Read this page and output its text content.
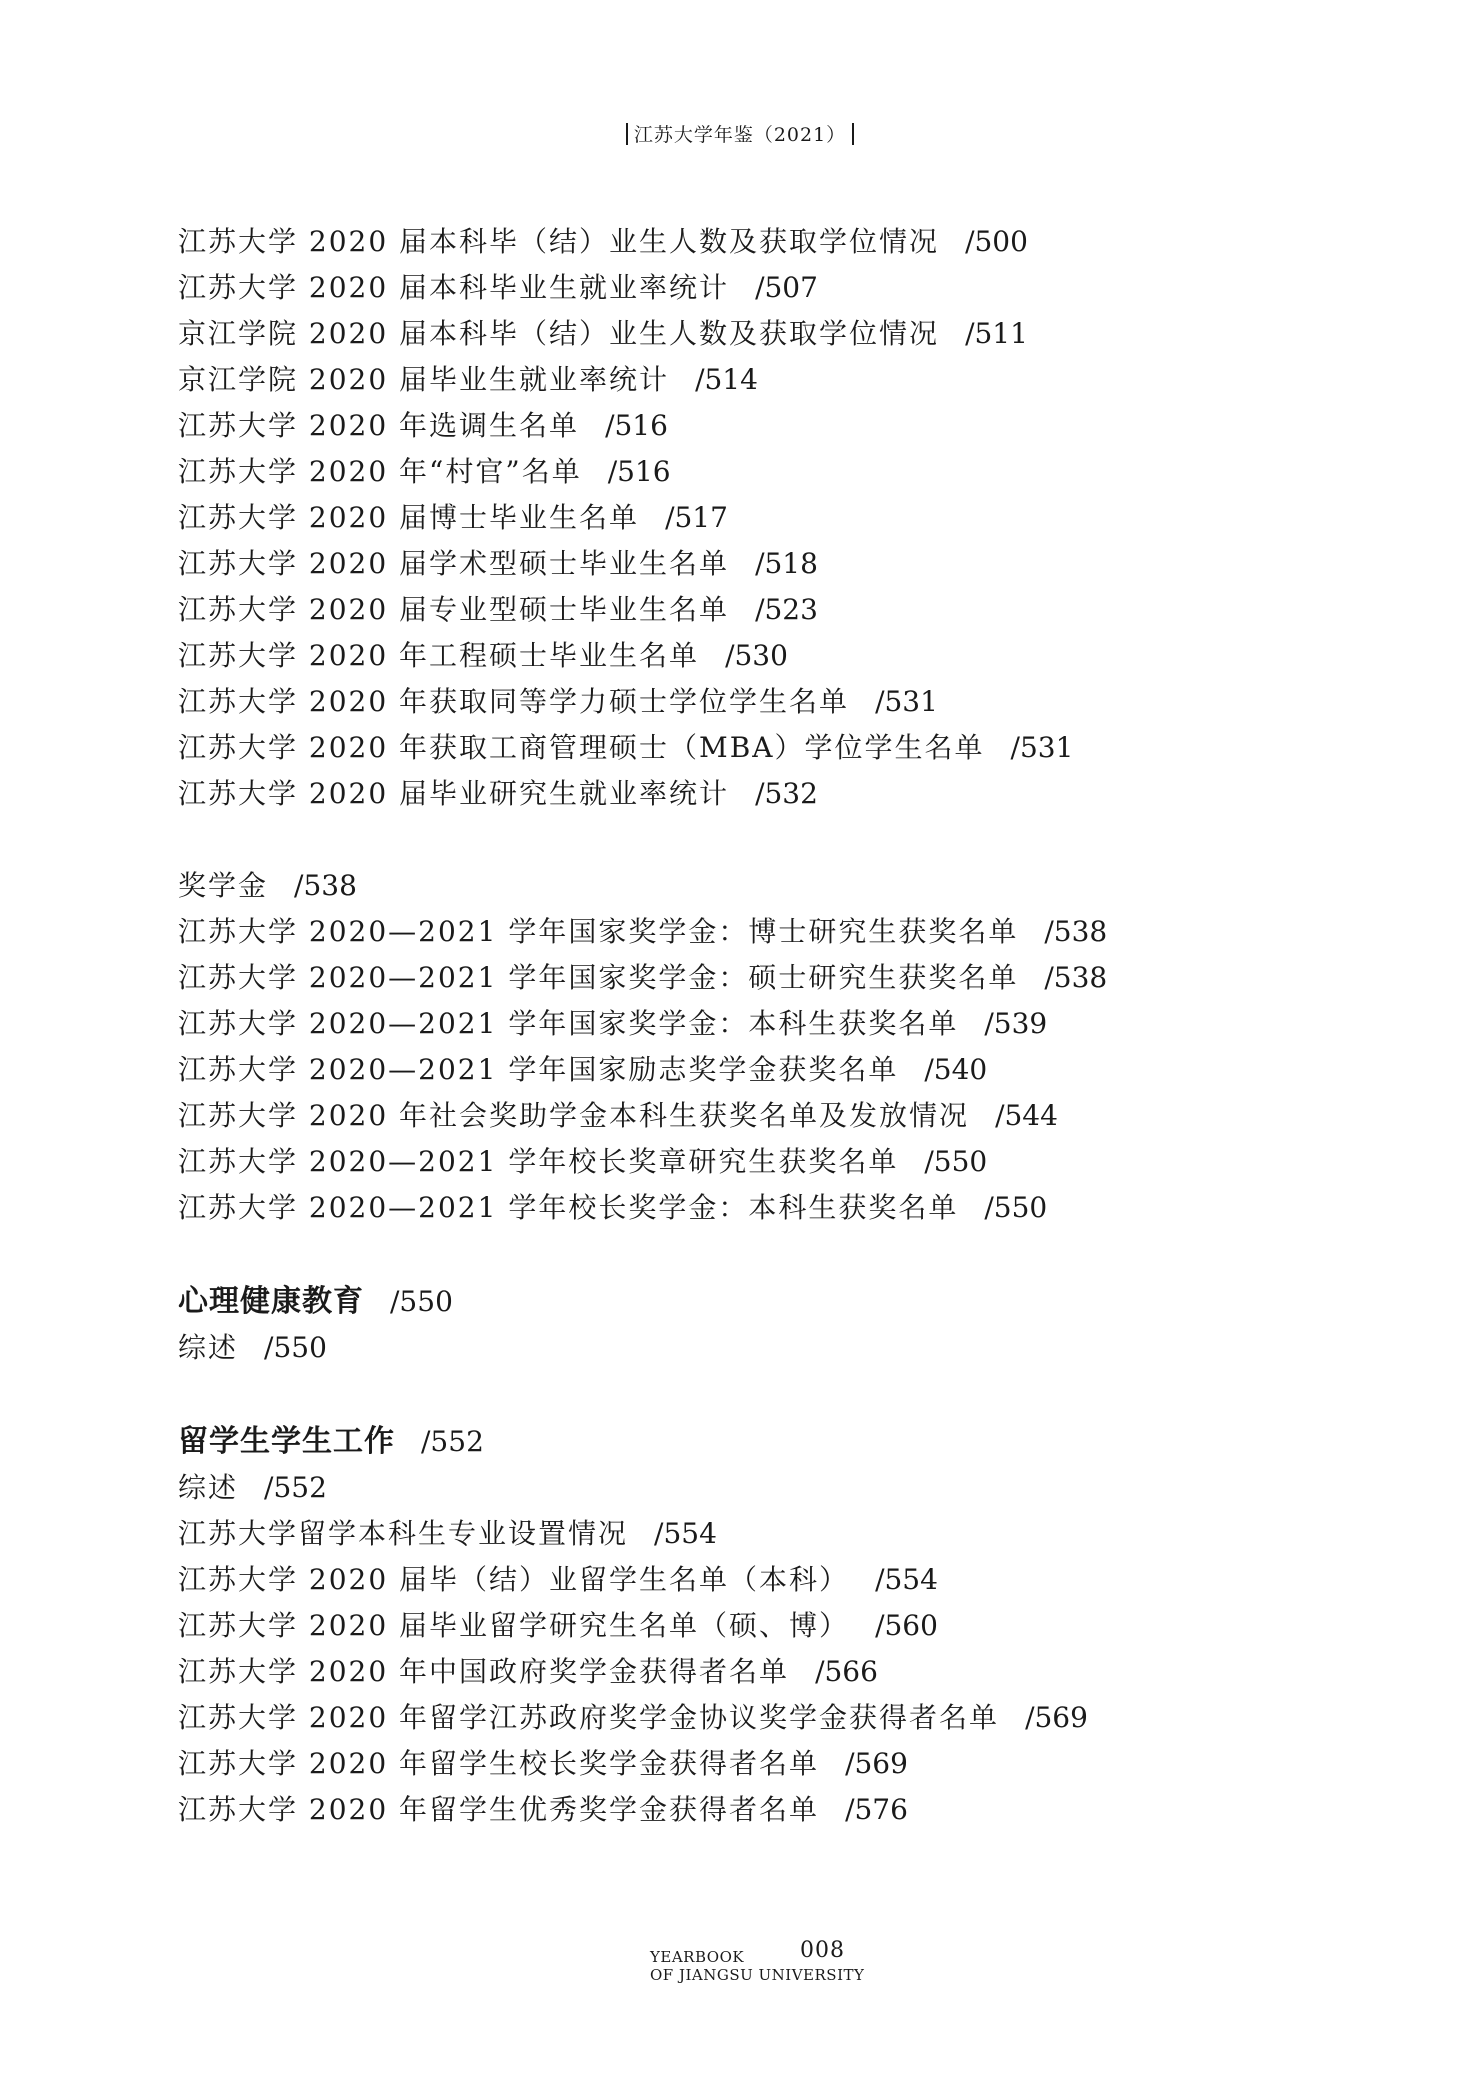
江苏大学年鉴（2021）
江苏大学 2020 届本科毕（结）业生人数及获取学位情况 /500
江苏大学 2020 届本科毕业生就业率统计 /507
京江学院 2020 届本科毕（结）业生人数及获取学位情况 /511
京江学院 2020 届毕业生就业率统计 /514
江苏大学 2020 年选调生名单 /516
江苏大学 2020 年“村官”名单 /516
江苏大学 2020 届博士毕业生名单 /517
江苏大学 2020 届学术型硕士毕业生名单 /518
江苏大学 2020 届专业型硕士毕业生名单 /523
江苏大学 2020 年工程硕士毕业生名单 /530
江苏大学 2020 年获取同等学力硕士学位学生名单 /531
江苏大学 2020 年获取工商管理硕士（MBA）学位学生名单 /531
江苏大学 2020 届毕业研究生就业率统计 /532
奖学金 /538
江苏大学 2020—2021 学年国家奖学金：博士研究生获奖名单 /538
江苏大学 2020—2021 学年国家奖学金：硕士研究生获奖名单 /538
江苏大学 2020—2021 学年国家奖学金：本科生获奖名单 /539
江苏大学 2020—2021 学年国家励志奖学金获奖名单 /540
江苏大学 2020 年社会奖助学金本科生获奖名单及发放情况 /544
江苏大学 2020—2021 学年校长奖章研究生获奖名单 /550
江苏大学 2020—2021 学年校长奖学金：本科生获奖名单 /550
心理健康教育 /550
综述 /550
留学生学生工作 /552
综述 /552
江苏大学留学本科生专业设置情况 /554
江苏大学 2020 届毕（结）业留学生名单（本科） /554
江苏大学 2020 届毕业留学研究生名单（硕、博） /560
江苏大学 2020 年中国政府奖学金获得者名单 /566
江苏大学 2020 年留学江苏政府奖学金协议奖学金获得者名单 /569
江苏大学 2020 年留学生校长奖学金获得者名单 /569
江苏大学 2020 年留学生优秀奖学金获得者名单 /576
YEARBOOK
OF JIANGSU UNIVERSITY
008
